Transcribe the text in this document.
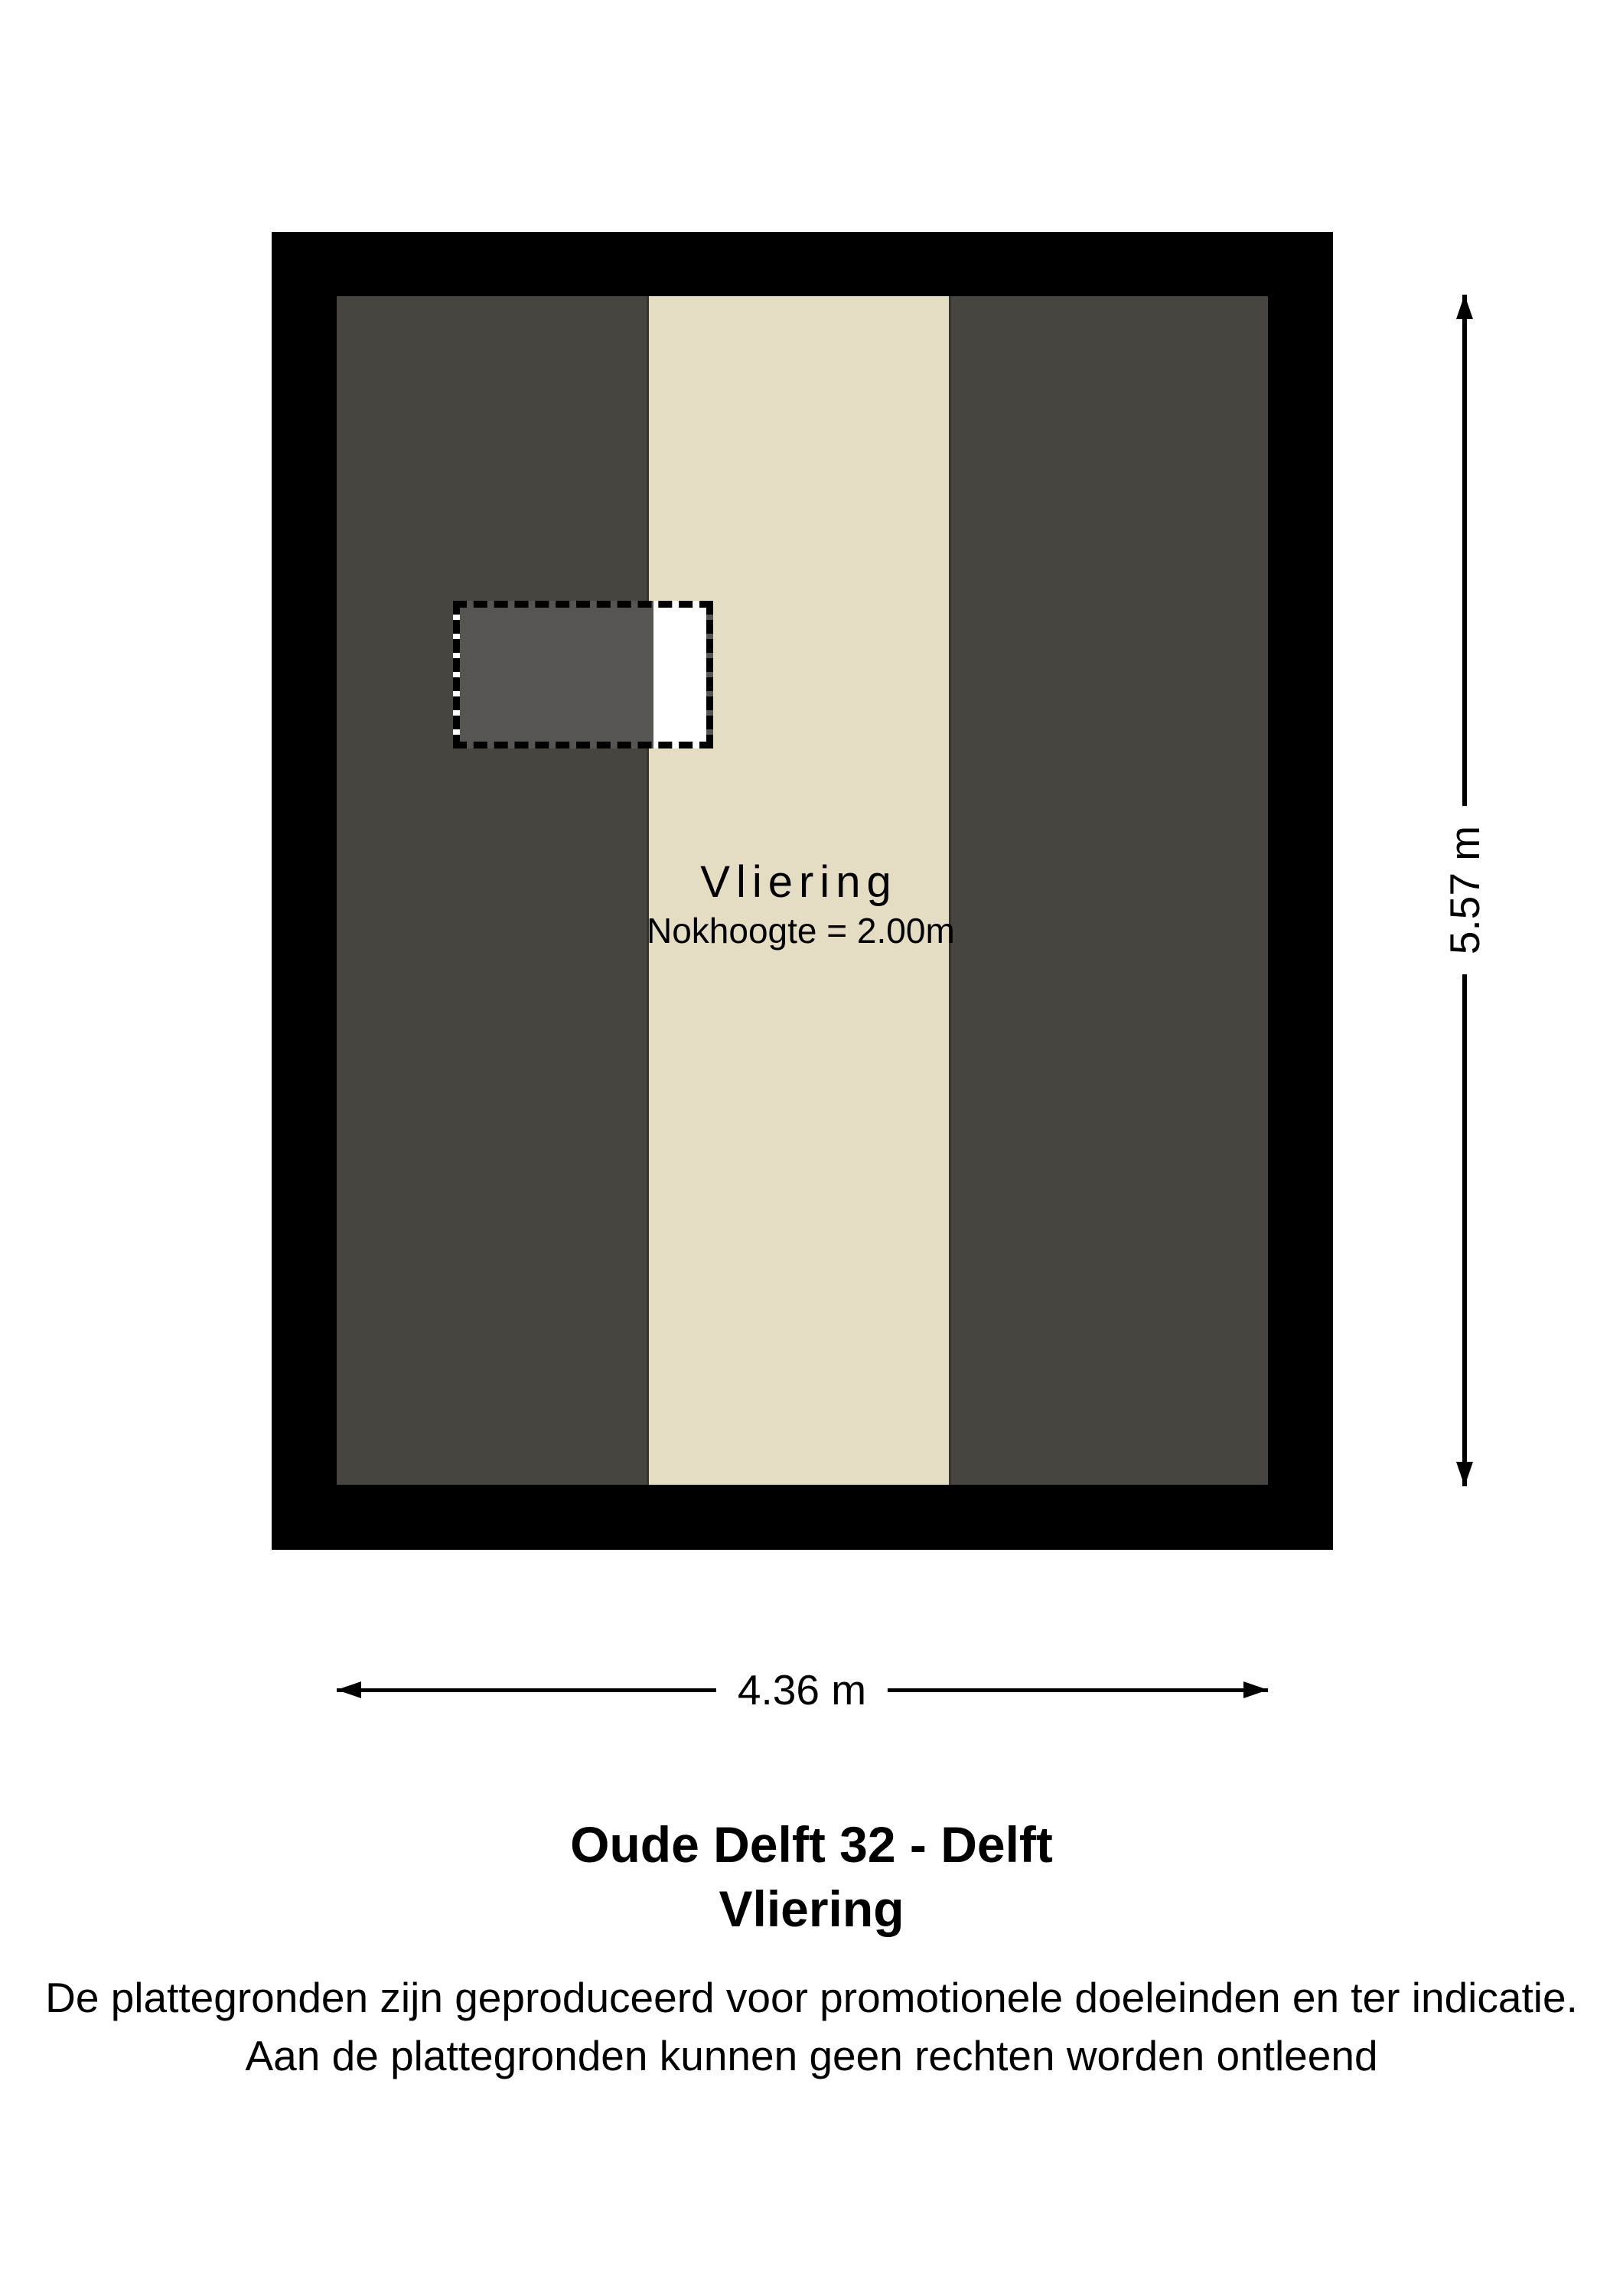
Vliering
Nokhoogte = 2.00m	5.57 m
4.36 m
Oude Delft 32 - Delft
Vliering
De plattegronden zijn geproduceerd voor promotionele doeleinden en ter indicatie.
Aan de plattegronden kunnen geen rechten worden ontleend
